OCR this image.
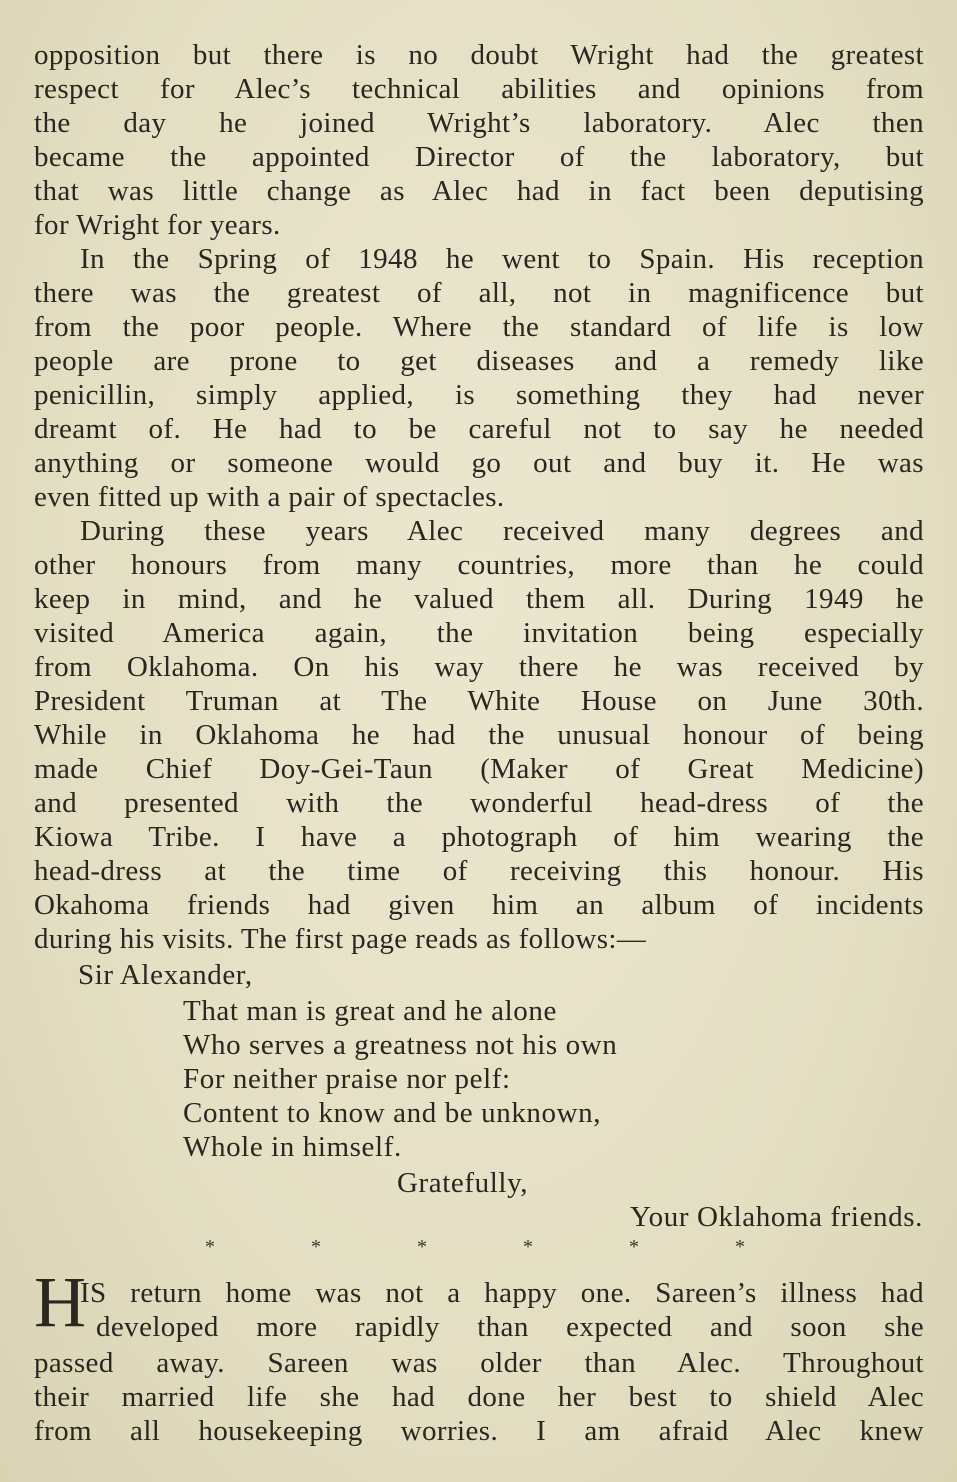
opposition but there is no doubt Wright had the greatest
respect for Alec’s technical abilities and opinions from
the day he joined Wright’s laboratory. Alec then
became the appointed Director of the laboratory, but
that was little change as Alec had in fact been deputising
for Wright for years.
In the Spring of 1948 he went to Spain. His reception
there was the greatest of all, not in magnificence but
from the poor people. Where the standard of life is low
people are prone to get diseases and a remedy like
penicillin, simply applied, is something they had never
dreamt of. He had to be careful not to say he needed
anything or someone would go out and buy it. He was
even fitted up with a pair of spectacles.
During these years Alec received many degrees and
other honours from many countries, more than he could
keep in mind, and he valued them all. During 1949 he
visited America again, the invitation being especially
from Oklahoma. On his way there he was received by
President Truman at The White House on June 30th.
While in Oklahoma he had the unusual honour of being
made Chief Doy-Gei-Taun (Maker of Great Medicine)
and presented with the wonderful head-dress of the
Kiowa Tribe. I have a photograph of him wearing the
head-dress at the time of receiving this honour. His
Okahoma friends had given him an album of incidents
during his visits. The first page reads as follows:—
Sir Alexander,
That man is great and he alone
Who serves a greatness not his own
For neither praise nor pelf:
Content to know and be unknown,
Whole in himself.
Gratefully,
Your Oklahoma friends.
*	*	*	*	*	*
H
IS return home was not a happy one. Sareen’s illness had
developed more rapidly than expected and soon she
passed away. Sareen was older than Alec. Throughout
their married life she had done her best to shield Alec
from all housekeeping worries. I am afraid Alec knew
